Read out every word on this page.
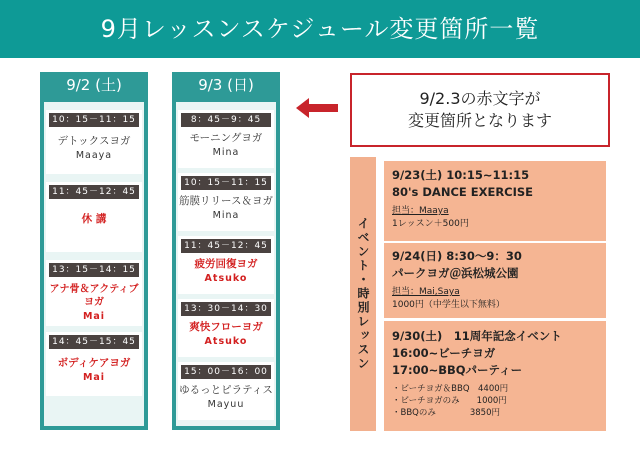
9月レッスンスケジュール変更箇所一覧
9/2 (土)
10：15－11：15
デトックスヨガ
Maaya
11：45－12：45
休 講
13：15－14：15
アナ骨＆アクティブヨガ
Mai
14：45－15：45
ボディケアヨガ
Mai
9/3 (日)
8：45－9：45
モーニングヨガ
Mina
10：15－11：15
筋膜リリース＆ヨガ
Mina
11：45－12：45
疲労回復ヨガ
Atsuko
13：30－14：30
爽快フローヨガ
Atsuko
15：00－16：00
ゆるっとピラティス
Mayuu
9/2.3の赤文字が
変更箇所となります
イベント・時別レッスン
9/23(土) 10:15~11:15
80's DANCE EXERCISE
担当：Maaya
1レッスン＋500円
9/24(日) 8:30～9：30
パークヨガ＠浜松城公園
担当：Mai,Saya
1000円（中学生以下無料）
9/30(土)　11周年記念イベント
16:00~ビーチヨガ
17:00~BBQパーティー
・ビーチヨガ＆BBQ　4400円
・ビーチヨガのみ　　1000円
・BBQのみ　　　　3850円
